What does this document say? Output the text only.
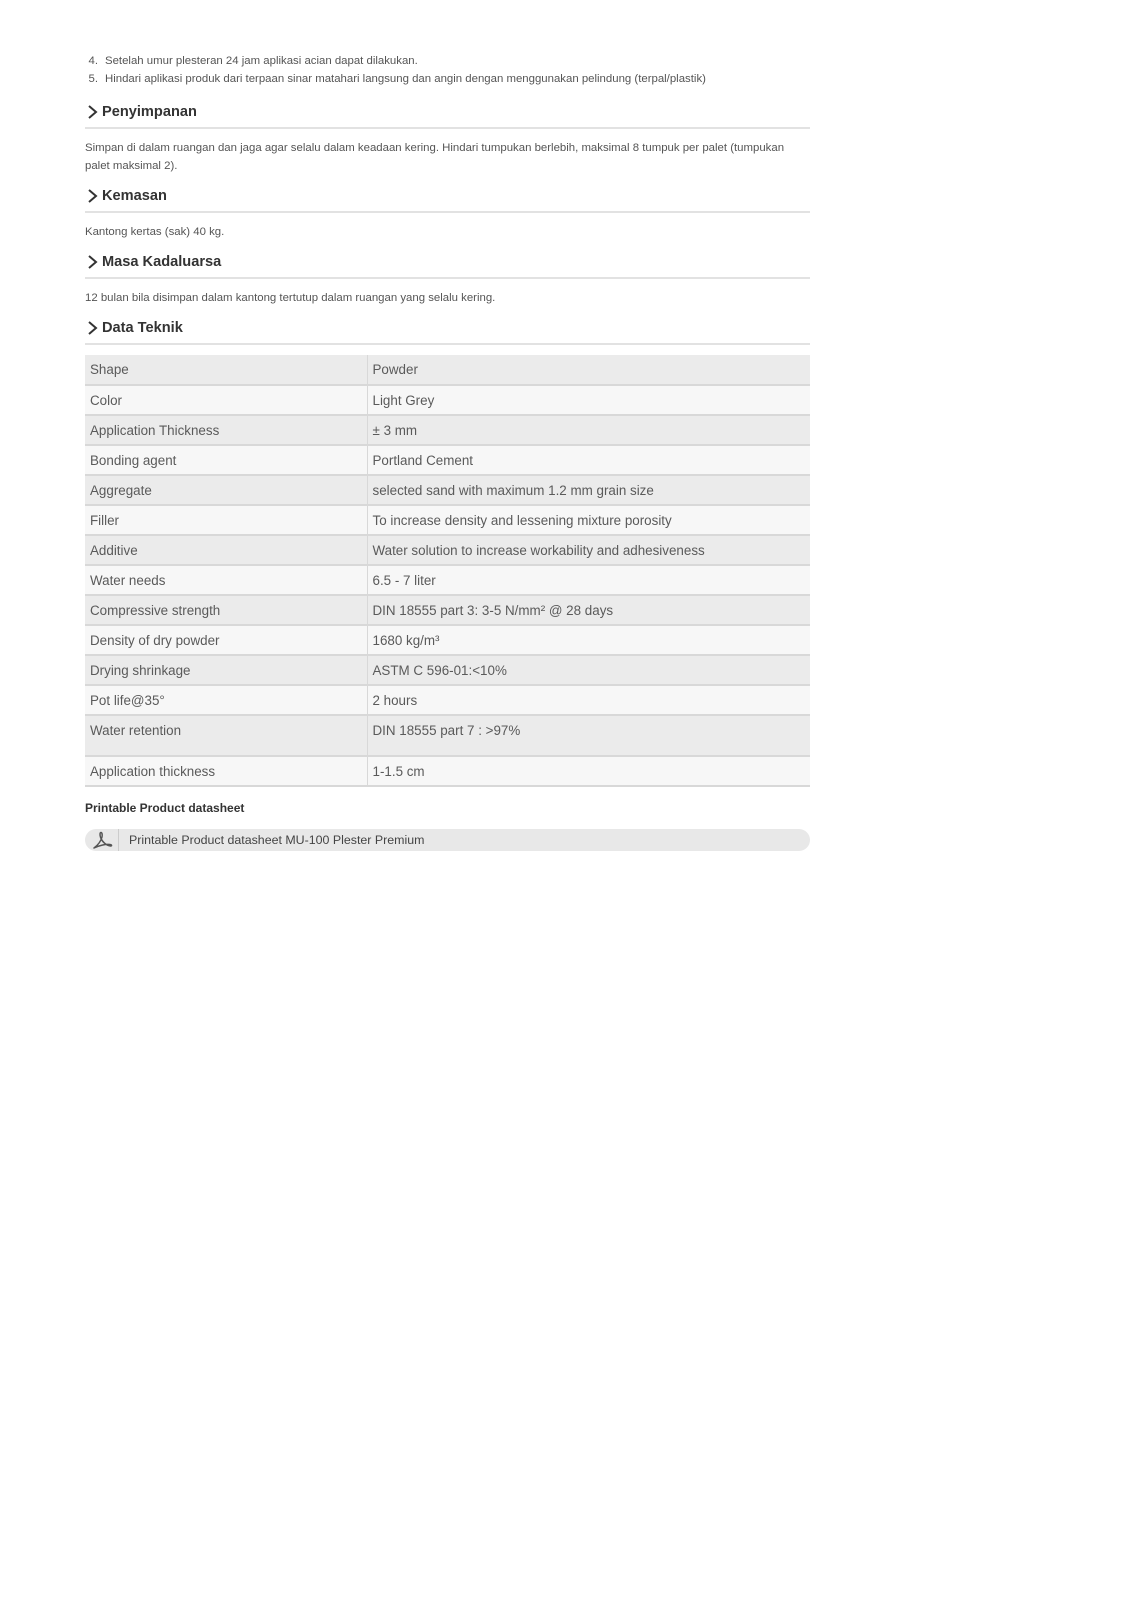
4. Setelah umur plesteran 24 jam aplikasi acian dapat dilakukan.
5. Hindari aplikasi produk dari terpaan sinar matahari langsung dan angin dengan menggunakan pelindung (terpal/plastik)
Penyimpanan

Simpan di dalam ruangan dan jaga agar selalu dalam keadaan kering. Hindari tumpukan berlebih, maksimal 8 tumpuk per palet (tumpukan palet maksimal 2).

Kemasan

Kantong kertas (sak) 40 kg.

Masa Kadaluarsa

12 bulan bila disimpan dalam kantong tertutup dalam ruangan yang selalu kering.

Data Teknik
Shape	Powder
Color	Light Grey
Application Thickness	± 3 mm
Bonding agent	Portland Cement
Aggregate	selected sand with maximum 1.2 mm grain size
Filler	To increase density and lessening mixture porosity
Additive	Water solution to increase workability and adhesiveness
Water needs	6.5 - 7 liter
Compressive strength	DIN 18555 part 3: 3-5 N/mm² @ 28 days
Density of dry powder	1680 kg/m³
Drying shrinkage	ASTM C 596-01:<10%
Pot life@35°	2 hours
Water retention	DIN 18555 part 7 : >97%
Application thickness	1-1.5 cm
Printable Product datasheet
Printable Product datasheet MU-100 Plester Premium
